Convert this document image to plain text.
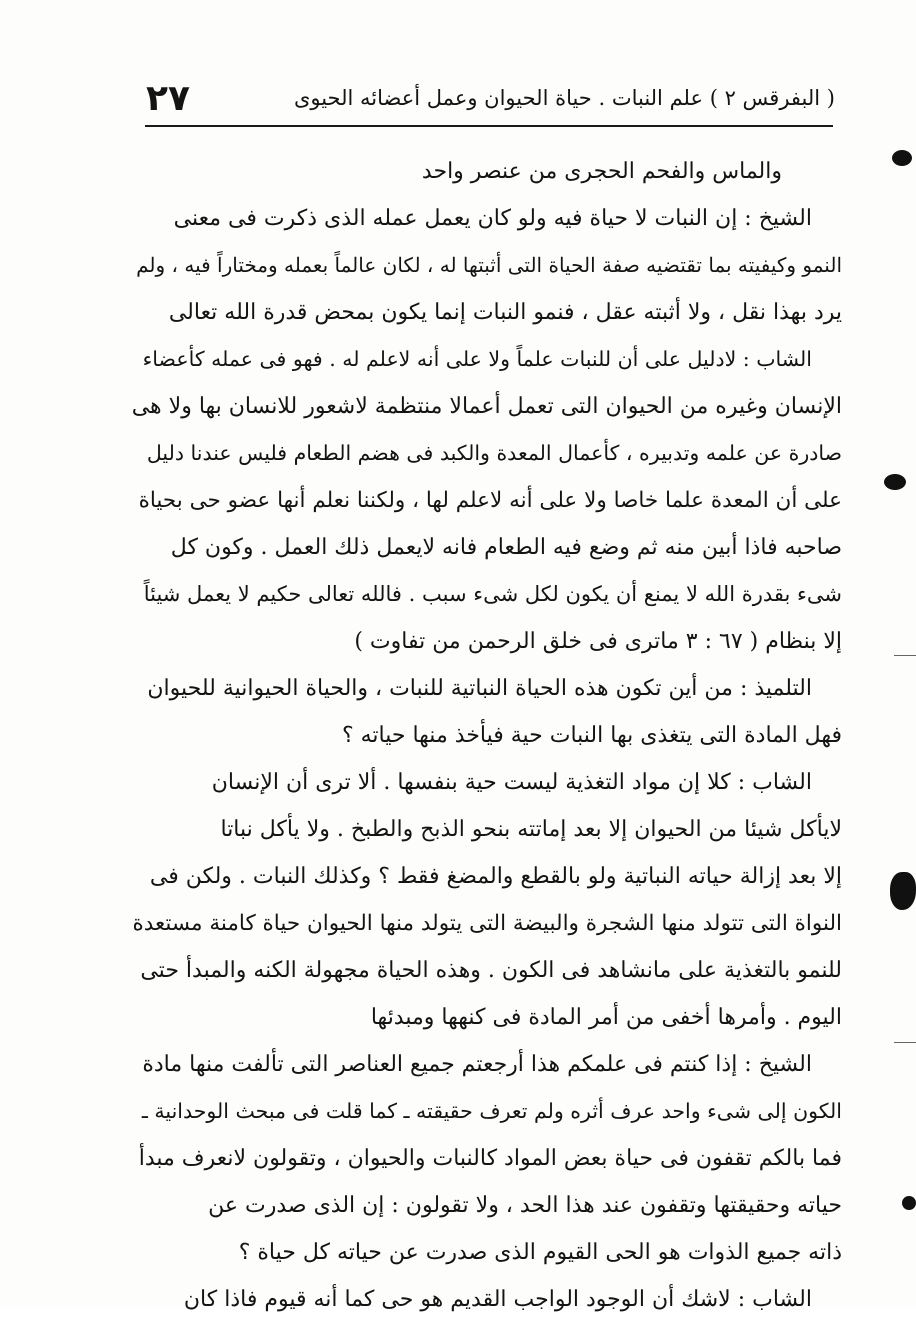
( البفرقس ٢ ) علم النبات . حياة الحيوان وعمل أعضائه الحيوى
٢٧
والماس والفحم الحجرى من عنصر واحد
الشيخ : إن النبات لا حياة فيه ولو كان يعمل عمله الذى ذكرت فى معنى
النمو وكيفيته بما تقتضيه صفة الحياة التى أثبتها له ، لكان عالماً بعمله ومختاراً فيه ، ولم
يرد بهذا نقل ، ولا أثبته عقل ، فنمو النبات إنما يكون بمحض قدرة الله تعالى
الشاب : لادليل على أن للنبات علماً ولا على أنه لاعلم له . فهو فى عمله كأعضاء
الإنسان وغيره من الحيوان التى تعمل أعمالا منتظمة لاشعور للانسان بها ولا هى
صادرة عن علمه وتدبيره ، كأعمال المعدة والكبد فى هضم الطعام فليس عندنا دليل
على أن المعدة علما خاصا ولا على أنه لاعلم لها ، ولكننا نعلم أنها عضو حى بحياة
صاحبه فاذا أبين منه ثم وضع فيه الطعام فانه لايعمل ذلك العمل . وكون كل
شىء بقدرة الله لا يمنع أن يكون لكل شىء سبب . فالله تعالى حكيم لا يعمل شيئاً
إلا بنظام ( ٦٧ : ٣ ماترى فى خلق الرحمن من تفاوت )
التلميذ : من أين تكون هذه الحياة النباتية للنبات ، والحياة الحيوانية للحيوان
فهل المادة التى يتغذى بها النبات حية فيأخذ منها حياته ؟
الشاب : كلا إن مواد التغذية ليست حية بنفسها . ألا ترى أن الإنسان
لايأكل شيئا من الحيوان إلا بعد إماتته بنحو الذبح والطبخ . ولا يأكل نباتا
إلا بعد إزالة حياته النباتية ولو بالقطع والمضغ فقط ؟ وكذلك النبات . ولكن فى
النواة التى تتولد منها الشجرة والبيضة التى يتولد منها الحيوان حياة كامنة مستعدة
للنمو بالتغذية على مانشاهد فى الكون . وهذه الحياة مجهولة الكنه والمبدأ حتى
اليوم . وأمرها أخفى من أمر المادة فى كنهها ومبدئها
الشيخ : إذا كنتم فى علمكم هذا أرجعتم جميع العناصر التى تألفت منها مادة
الكون إلى شىء واحد عرف أثره ولم تعرف حقيقته ـ كما قلت فى مبحث الوحدانية ـ
فما بالكم تقفون فى حياة بعض المواد كالنبات والحيوان ، وتقولون لانعرف مبدأ
حياته وحقيقتها وتقفون عند هذا الحد ، ولا تقولون : إن الذى صدرت عن
ذاته جميع الذوات هو الحى القيوم الذى صدرت عن حياته كل حياة ؟
الشاب : لاشك أن الوجود الواجب القديم هو حى كما أنه قيوم فاذا كان
